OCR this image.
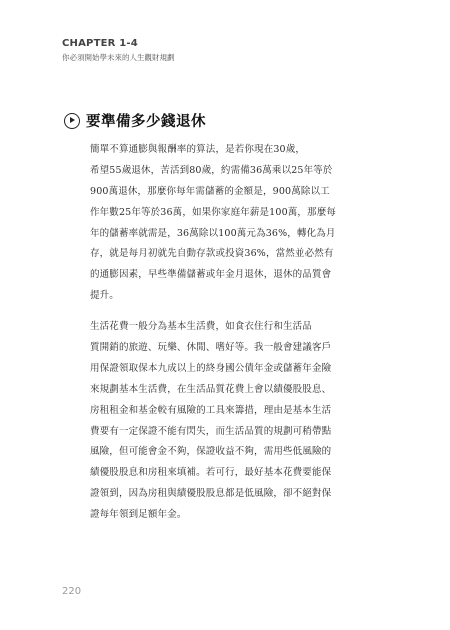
CHAPTER 1-4
你必須開始學未來的人生觀財規劃
要準備多少錢退休
簡單不算通膨與報酬率的算法，是若你現在30歲，
希望55歲退休，苦活到80歲，約需備36萬乘以25年等於
900萬退休，那麼你每年需儲蓄的金額是，900萬除以工
作年數25年等於36萬，如果你家庭年薪是100萬，那麼每
年的儲蓄率就需是，36萬除以100萬元為36%，轉化為月
存，就是每月初就先自動存款或投資36%，當然並必然有
的通膨因素，早些準備儲蓄或年金月退休，退休的品質會
提升。
生活花費一般分為基本生活費，如食衣住行和生活品
質開銷的旅遊、玩樂、休閒、嗜好等。我一般會建議客戶
用保證領取保本九成以上的終身國公債年金或儲蓄年金險
來規劃基本生活費，在生活品質花費上會以績優股股息、
房租租金和基金較有風險的工具來籌措，理由是基本生活
費要有一定保證不能有閃失，而生活品質的規劃可稍帶點
風險，但可能會金不夠，保證收益不夠，需用些低風險的
績優股股息和房租來填補。若可行，最好基本花費要能保
證領到，因為房租與績優股股息都是低風險，卻不絕對保
證每年領到足額年金。
220
